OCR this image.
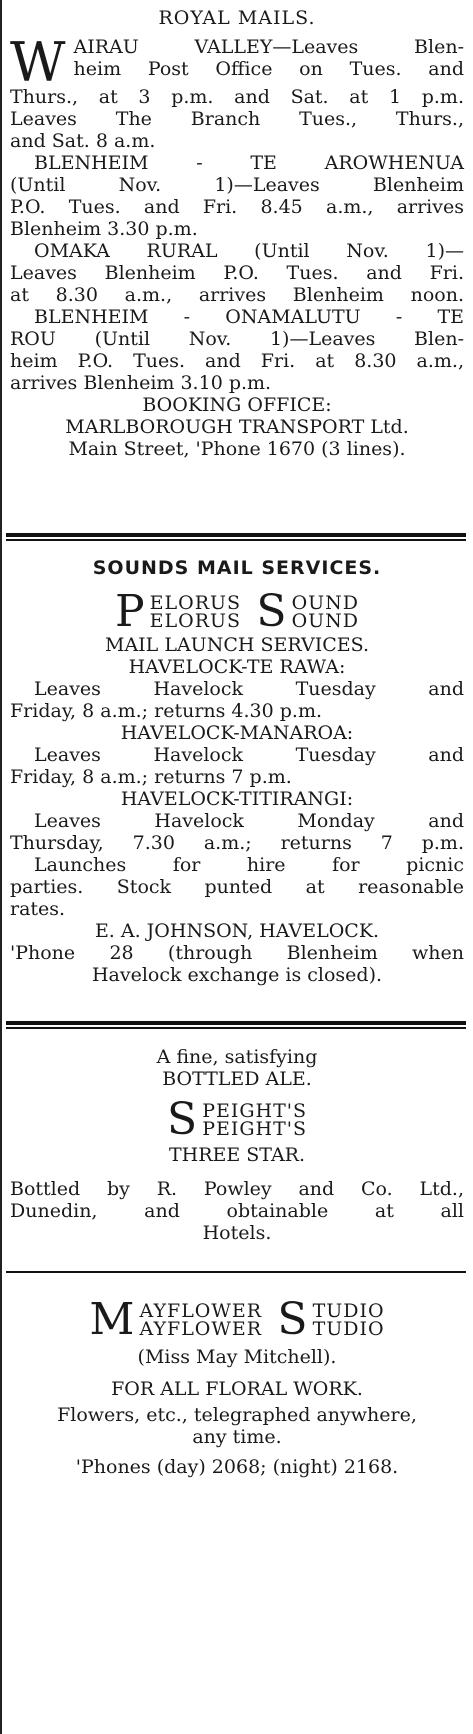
ROYAL MAILS.
W AIRAU VALLEY—Leaves Blen-

heim Post Office on Tues. and

Thurs., at 3 p.m. and Sat. at 1 p.m.

Leaves The Branch Tues., Thurs.,

and Sat. 8 a.m.

BLENHEIM - TE AROWHENUA

(Until Nov. 1)—Leaves Blenheim

P.O. Tues. and Fri. 8.45 a.m., arrives

Blenheim 3.30 p.m.

OMAKA RURAL (Until Nov. 1)—

Leaves Blenheim P.O. Tues. and Fri.

at 8.30 a.m., arrives Blenheim noon.

BLENHEIM - ONAMALUTU - TE

ROU (Until Nov. 1)—Leaves Blen-

heim P.O. Tues. and Fri. at 8.30 a.m.,

arrives Blenheim 3.10 p.m.

BOOKING OFFICE:

MARLBOROUGH TRANSPORT Ltd.

Main Street, 'Phone 1670 (3 lines).

SOUNDS MAIL SERVICES.
P ELORUS
ELORUS S OUND
OUND

MAIL LAUNCH SERVICES.

HAVELOCK-TE RAWA:

Leaves Havelock Tuesday and

Friday, 8 a.m.; returns 4.30 p.m.

HAVELOCK-MANAROA:

Leaves Havelock Tuesday and

Friday, 8 a.m.; returns 7 p.m.

HAVELOCK-TITIRANGI:

Leaves Havelock Monday and

Thursday, 7.30 a.m.; returns 7 p.m.

Launches for hire for picnic

parties. Stock punted at reasonable

rates.

E. A. JOHNSON, HAVELOCK.

'Phone 28 (through Blenheim when

Havelock exchange is closed).

A fine, satisfying

BOTTLED ALE.

S PEIGHT'S
PEIGHT'S

THREE STAR.

Bottled by R. Powley and Co. Ltd.,

Dunedin, and obtainable at all

Hotels.

M AYFLOWER
AYFLOWER S TUDIO
TUDIO

(Miss May Mitchell).

FOR ALL FLORAL WORK.

Flowers, etc., telegraphed anywhere,

any time.

'Phones (day) 2068; (night) 2168.
